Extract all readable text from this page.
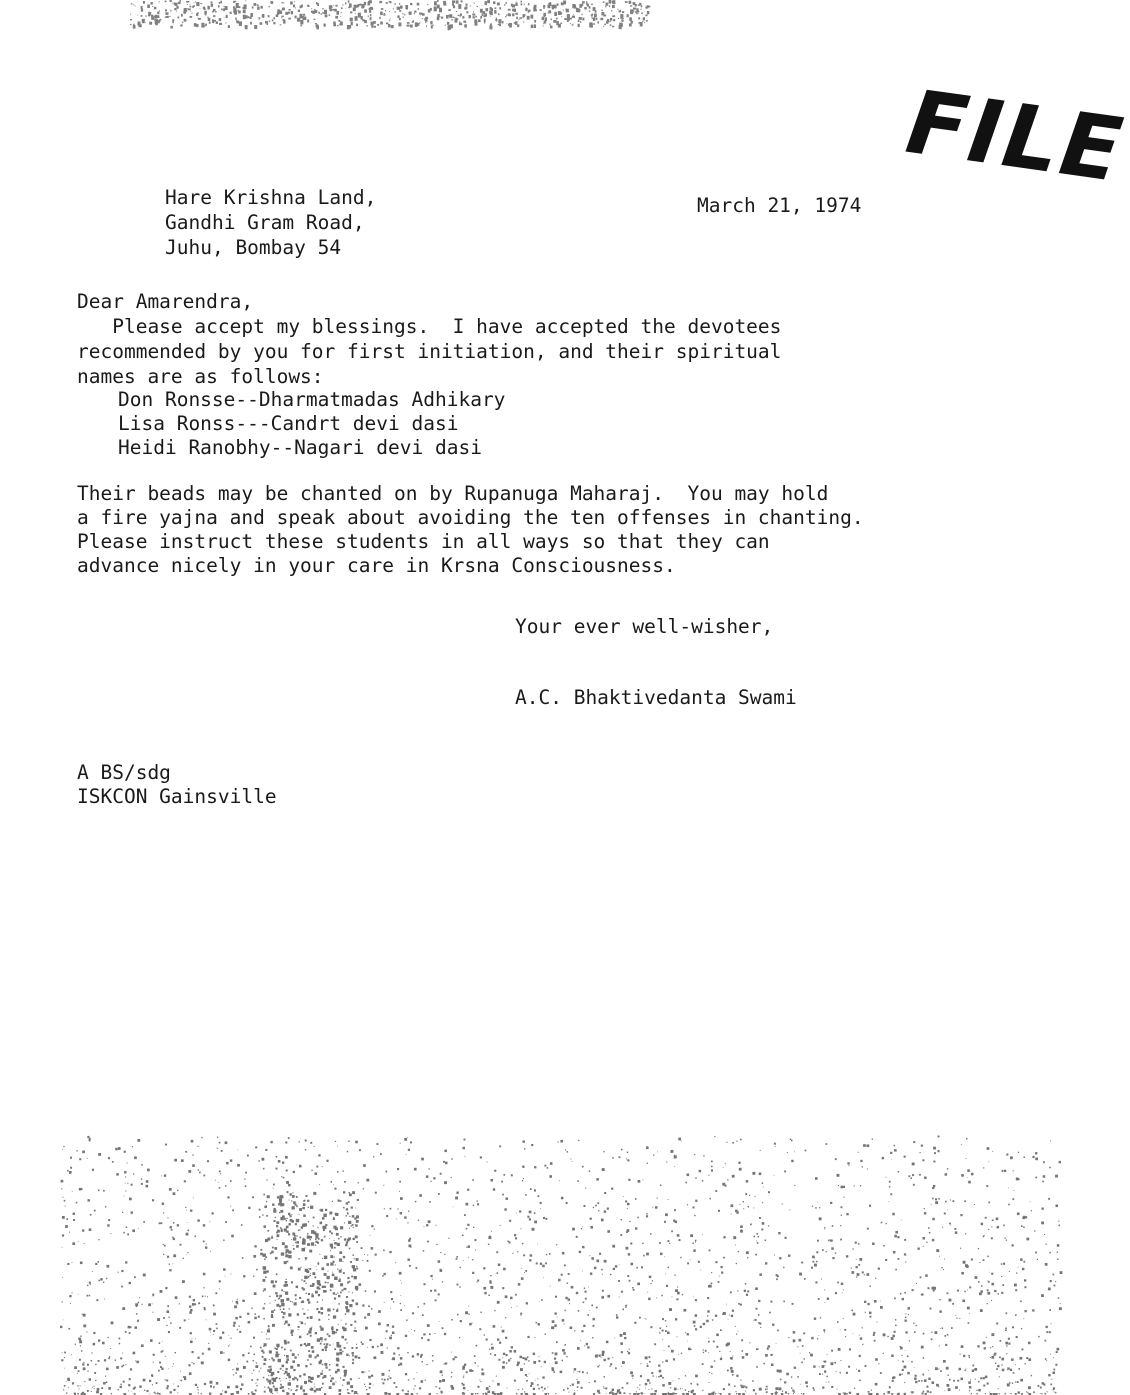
FILE
Hare Krishna Land,
Gandhi Gram Road,
Juhu, Bombay 54
March 21, 1974
Dear Amarendra,
Please accept my blessings.  I have accepted the devotees
recommended by you for first initiation, and their spiritual
names are as follows:
Don Ronsse--Dharmatmadas Adhikary
Lisa Ronss---Candrt devi dasi
Heidi Ranobhy--Nagari devi dasi
Their beads may be chanted on by Rupanuga Maharaj.  You may hold
a fire yajna and speak about avoiding the ten offenses in chanting.
Please instruct these students in all ways so that they can
advance nicely in your care in Krsna Consciousness.
Your ever well-wisher,
A.C. Bhaktivedanta Swami
A BS/sdg
ISKCON Gainsville
